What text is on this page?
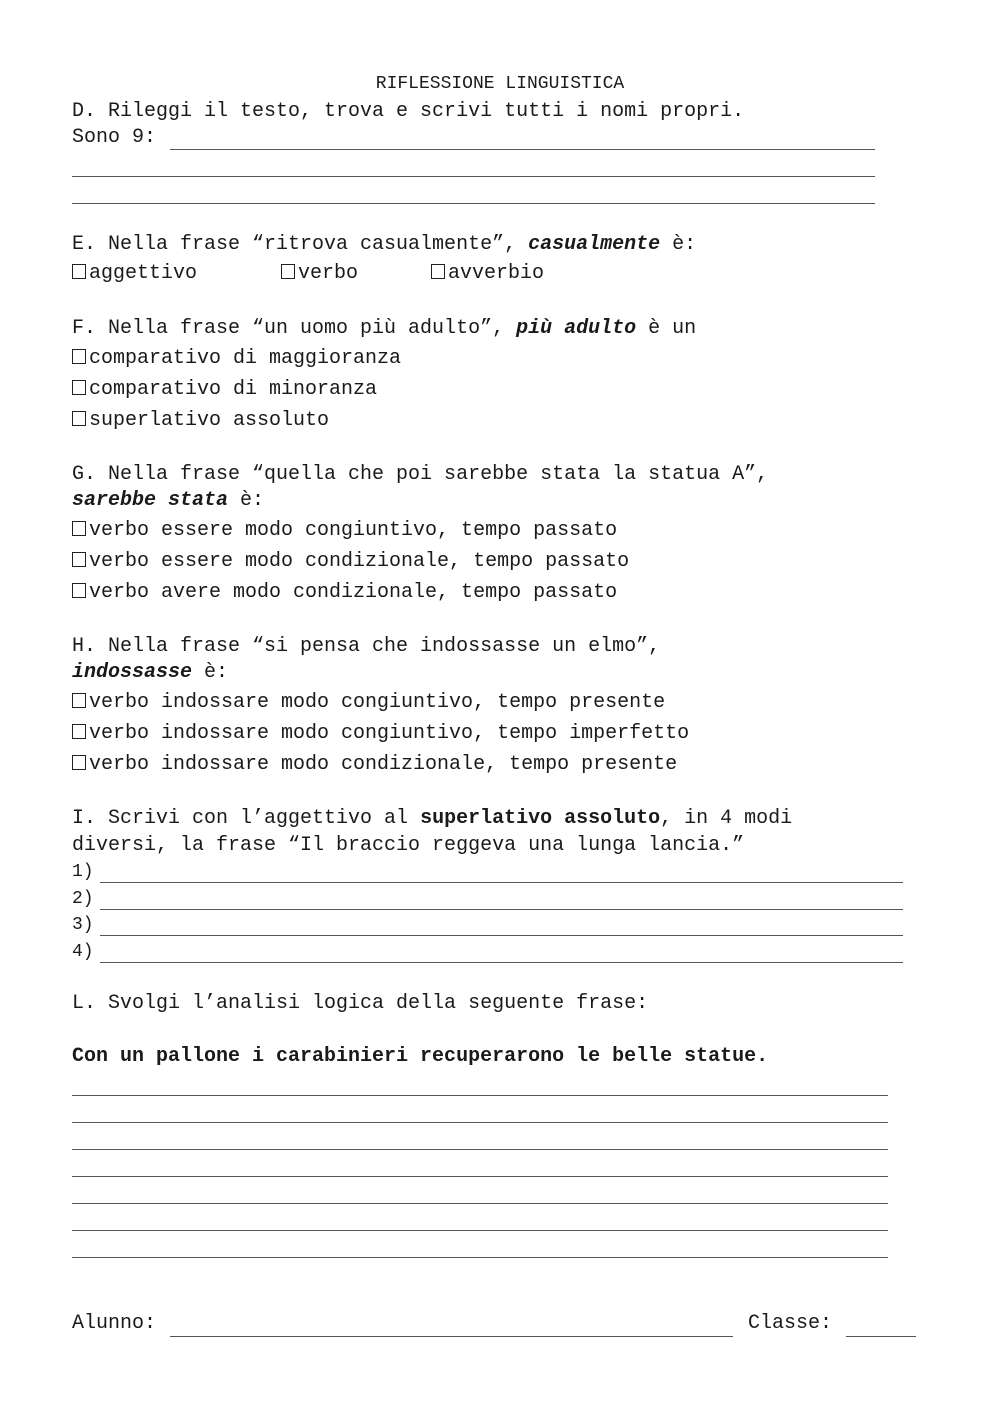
RIFLESSIONE LINGUISTICA
D. Rileggi il testo, trova e scrivi tutti i nomi propri.
Sono 9:
E. Nella frase “ritrova casualmente”, casualmente è:
aggettivo	verbo	avverbio
F. Nella frase “un uomo più adulto”, più adulto è un
comparativo di maggioranza
comparativo di minoranza
superlativo assoluto
G. Nella frase “quella che poi sarebbe stata la statua A”,
sarebbe stata è:
verbo essere modo congiuntivo, tempo passato
verbo essere modo condizionale, tempo passato
verbo avere modo condizionale, tempo passato
H. Nella frase “si pensa che indossasse un elmo”,
indossasse è:
verbo indossare modo congiuntivo, tempo presente
verbo indossare modo congiuntivo, tempo imperfetto
verbo indossare modo condizionale, tempo presente
I. Scrivi con l’aggettivo al superlativo assoluto, in 4 modi
diversi, la frase “Il braccio reggeva una lunga lancia.”
1)
2)
3)
4)
L. Svolgi l’analisi logica della seguente frase:
Con un pallone i carabinieri recuperarono le belle statue.
Alunno:	Classe:
